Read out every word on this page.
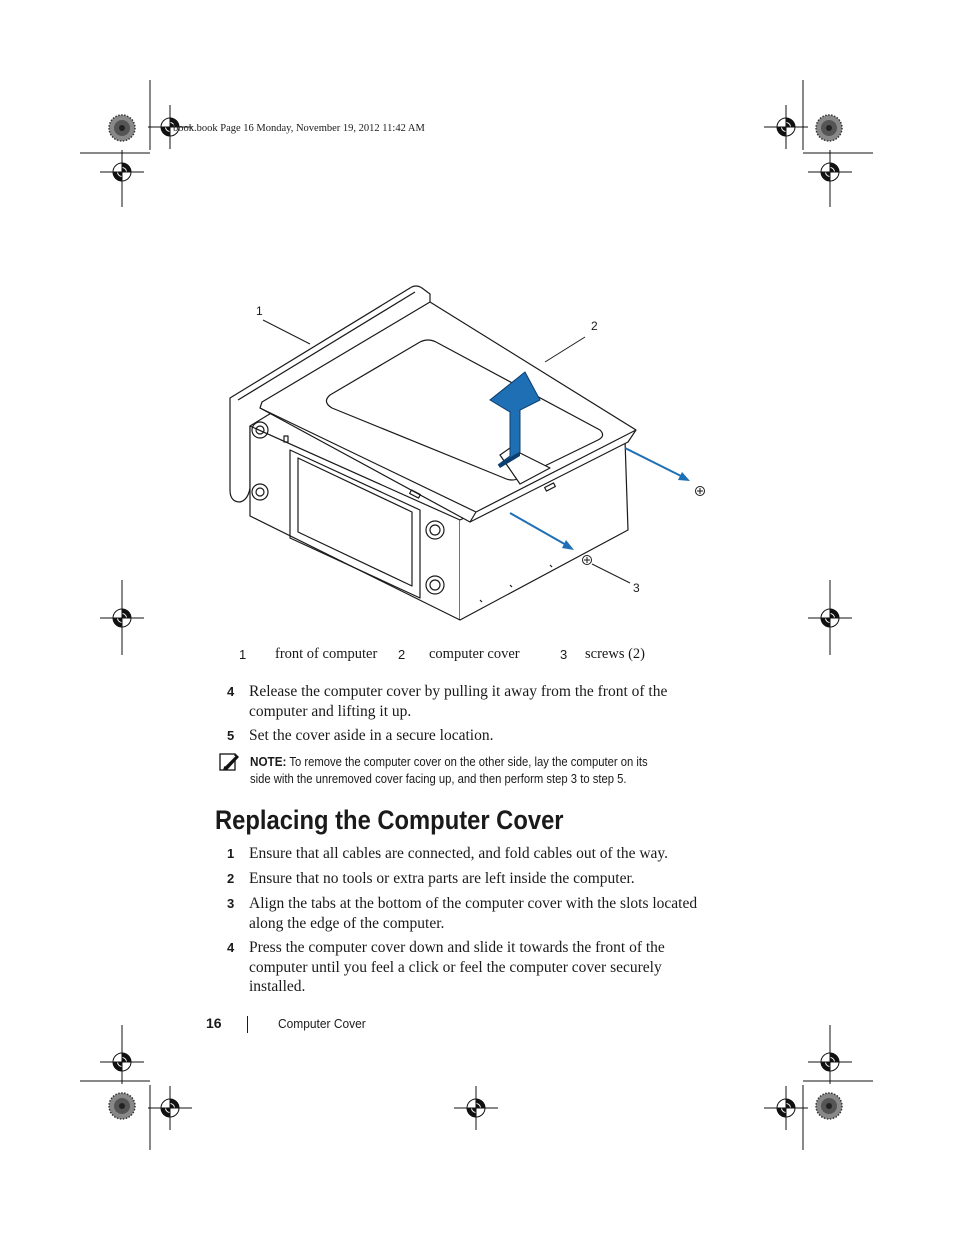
book.book Page 16 Monday, November 19, 2012 11:42 AM
1
2
3
1 front of computer 2 computer cover	3 screws (2)
4 Release the computer cover by pulling it away from the front of the computer and lifting it up.
5 Set the cover aside in a secure location.
NOTE: To remove the computer cover on the other side, lay the computer on its side with the unremoved cover facing up, and then perform step 3 to step 5.
Replacing the Computer Cover
1 Ensure that all cables are connected, and fold cables out of the way.
2 Ensure that no tools or extra parts are left inside the computer.
3 Align the tabs at the bottom of the computer cover with the slots located along the edge of the computer.
4 Press the computer cover down and slide it towards the front of the computer until you feel a click or feel the computer cover securely installed.
16	Computer Cover
